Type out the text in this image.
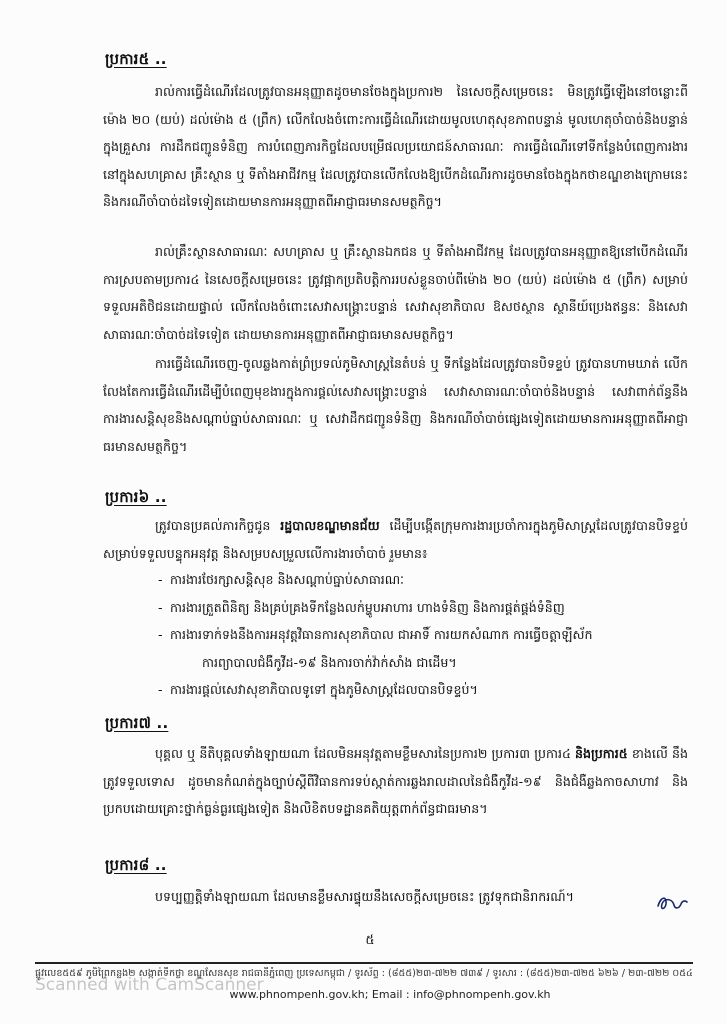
ប្រការ៥ ..

រាល់ការធ្វើដំណើរដែលត្រូវបានអនុញ្ញាតដូចមានចែងក្នុងប្រការ២ នៃសេចក្តីសម្រេចនេះ មិនត្រូវធ្វើឡើងនៅចន្លោះពីម៉ោង ២០ (យប់) ដល់ម៉ោង ៥ (ព្រឹក) លើកលែងចំពោះការធ្វើដំណើរដោយមូលហេតុសុខភាពបន្ទាន់ មូលហេតុចាំបាច់និងបន្ទាន់ក្នុងគ្រួសារ ការដឹកជញ្ជូនទំនិញ ការបំពេញភារកិច្ចដែលបម្រើផលប្រយោជន៍សាធារណៈ ការធ្វើដំណើរទៅទីកន្លែងបំពេញការងារនៅក្នុងសហគ្រាស គ្រឹះស្ថាន ឬ ទីតាំងអាជីវកម្ម ដែលត្រូវបានលើកលែងឱ្យបើកដំណើរការដូចមានចែងក្នុងកថាខណ្ឌខាងក្រោមនេះ និងករណីចាំបាច់ដទៃទៀតដោយមានការអនុញ្ញាតពីអាជ្ញាធរមានសមត្ថកិច្ច។

រាល់គ្រឹះស្ថានសាធារណៈ សហគ្រាស ឬ គ្រឹះស្ថានឯកជន ឬ ទីតាំងអាជីវកម្ម ដែលត្រូវបានអនុញ្ញាតឱ្យនៅបើកដំណើរការស្របតាមប្រការ៤ នៃសេចក្តីសម្រេចនេះ ត្រូវផ្អាកប្រតិបត្តិការរបស់ខ្លួនចាប់ពីម៉ោង ២០ (យប់) ដល់ម៉ោង ៥ (ព្រឹក) សម្រាប់ទទួលអតិថិជនដោយផ្ទាល់ លើកលែងចំពោះសេវាសង្គ្រោះបន្ទាន់ សេវាសុខាភិបាល ឱសថស្ថាន ស្ថានីយ៍ប្រេងឥន្ធនៈ និងសេវាសាធារណៈចាំបាច់ដទៃទៀត ដោយមានការអនុញ្ញាតពីអាជ្ញាធរមានសមត្ថកិច្ច។

ការធ្វើដំណើរចេញ-ចូលឆ្លងកាត់ព្រំប្រទល់ភូមិសាស្ត្រនៃតំបន់ ឬ ទីកន្លែងដែលត្រូវបានបិទខ្ទប់ ត្រូវបានហាមឃាត់ លើកលែងតែការធ្វើដំណើរដើម្បីបំពេញមុខងារក្នុងការផ្តល់សេវាសង្គ្រោះបន្ទាន់ សេវាសាធារណៈចាំបាច់និងបន្ទាន់ សេវាពាក់ព័ន្ធនឹងការងារសន្តិសុខនិងសណ្តាប់ធ្នាប់សាធារណៈ ឬ សេវាដឹកជញ្ជូនទំនិញ និងករណីចាំបាច់ផ្សេងទៀតដោយមានការអនុញ្ញាតពីអាជ្ញាធរមានសមត្ថកិច្ច។

ប្រការ៦ ..

ត្រូវបានប្រគល់ភារកិច្ចជូន រដ្ឋបាលខណ្ឌមានជ័យ ដើម្បីបង្កើតក្រុមការងារប្រចាំការក្នុងភូមិសាស្ត្រដែលត្រូវបានបិទខ្ទប់ សម្រាប់ទទួលបន្ទុកអនុវត្ត និងសម្របសម្រួលលើការងារចាំបាច់ រួមមាន៖

- ការងារថែរក្សាសន្តិសុខ និងសណ្តាប់ធ្នាប់សាធារណៈ
- ការងារត្រួតពិនិត្យ និងគ្រប់គ្រងទីកន្លែងលក់ម្ហូបអាហារ ហាងទំនិញ និងការផ្គត់ផ្គង់ទំនិញ
- ការងារទាក់ទងនឹងការអនុវត្តវិធានការសុខាភិបាល ជាអាទិ៍ ការយកសំណាក ការធ្វើចត្តាឡីស័ក
ការព្យាបាលជំងឺកូវីដ-១៩ និងការចាក់វ៉ាក់សាំង ជាដើម។
- ការងារផ្តល់សេវាសុខាភិបាលទូទៅ ក្នុងភូមិសាស្ត្រដែលបានបិទខ្ទប់។
ប្រការ៧ ..

បុគ្គល ឬ នីតិបុគ្គលទាំងឡាយណា ដែលមិនអនុវត្តតាមខ្លឹមសារនៃប្រការ២ ប្រការ៣ ប្រការ៤ និងប្រការ៥ ខាងលើ នឹងត្រូវទទួលទោស ដូចមានកំណត់ក្នុងច្បាប់ស្តីពីវិធានការទប់ស្កាត់ការឆ្លងរាលដាលនៃជំងឺកូវីដ-១៩ និងជំងឺឆ្លងកាចសាហាវ និងប្រកបដោយគ្រោះថ្នាក់ធ្ងន់ធ្ងរផ្សេងទៀត និងលិខិតបទដ្ឋានគតិយុត្តពាក់ព័ន្ធជាធរមាន។

ប្រការ៨ ..

បទប្បញ្ញត្តិទាំងឡាយណា ដែលមានខ្លឹមសារផ្ទុយនឹងសេចក្តីសម្រេចនេះ ត្រូវទុកជានិរាករណ៍។

៥
ផ្លូវលេខ៥៥៩ ភូមិព្រៃកន្លង២ សង្កាត់ទឹកថ្លា ខណ្ឌសែនសុខ រាជធានីភ្នំពេញ ប្រទេសកម្ពុជា / ទូរស័ព្ទ : (៨៥៥)២៣-៧២២ ៧៣៩ / ទូរសារ : (៨៥៥)២៣-៧២៥ ៦២៦ / ២៣-៧២២ ០៥៤
Scanned with CamScanner
www.phnompenh.gov.kh; Email : info@phnompenh.gov.kh
